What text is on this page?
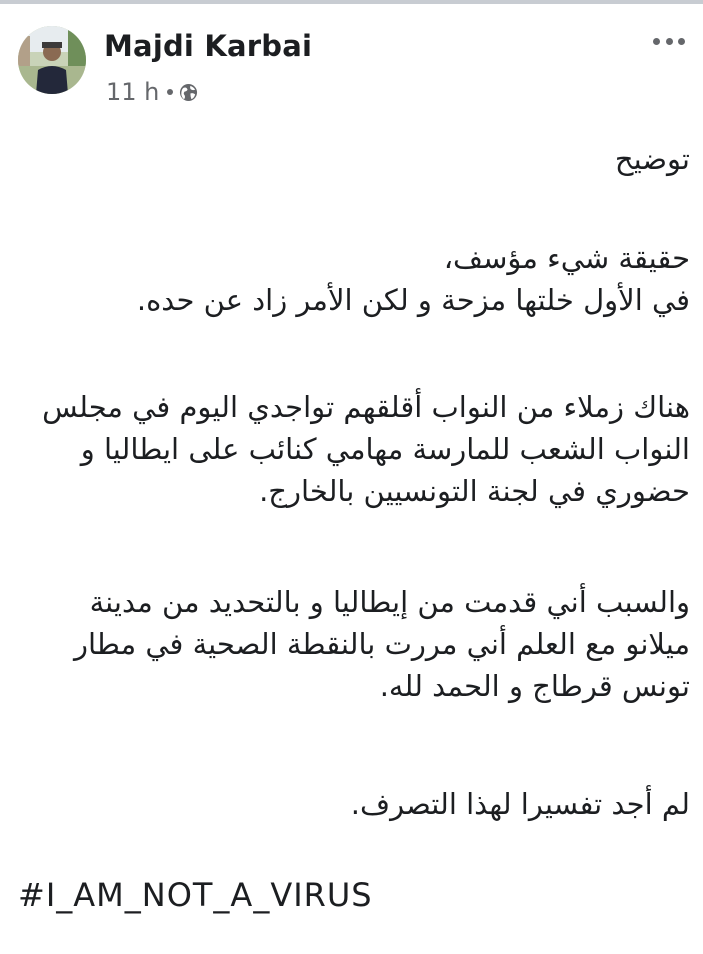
Majdi Karbai
11 h

توضيح

حقيقة شيء مؤسف،

في الأول خلتها مزحة و لكن الأمر زاد عن حده.

هناك زملاء من النواب أقلقهم تواجدي اليوم في مجلس

النواب الشعب للمارسة مهامي كنائب على ايطاليا و

حضوري في لجنة التونسيين بالخارج.

والسبب أني قدمت من إيطاليا و بالتحديد من مدينة

ميلانو مع العلم أني مررت بالنقطة الصحية في مطار

تونس قرطاج و الحمد لله.

لم أجد تفسيرا لهذا التصرف.

#I_AM_NOT_A_VIRUS
